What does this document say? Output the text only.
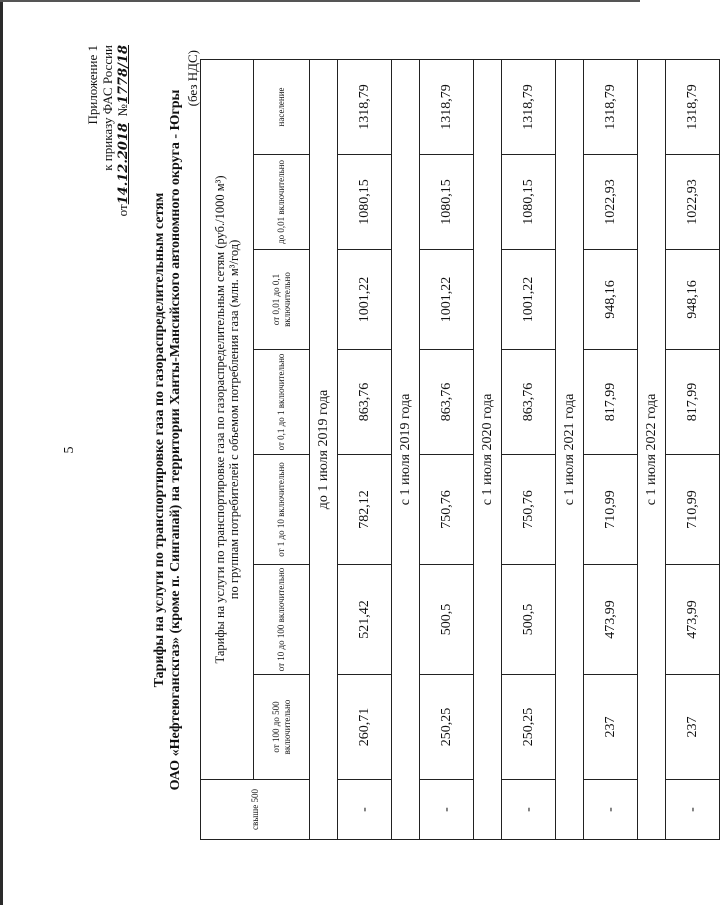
5
Приложение 1 к приказу ФАС России
от14.12.2018  №1778/18
Тарифы на услуги по транспортировке газа по газораспределительным сетям ОАО «Нефтеюганскгаз» (кроме п. Сингапай) на территории Ханты-Мансийского автономного округа - Югры
(без НДС)
свыше 500	Тарифы на услуги по транспортировке газа по газораспределительным сетям (руб./1000 м³) по группам потребителей с объемом потребления газа (млн. м³/год)						

	от 100 до 500 включительно	от 10 до 100 включительно	от 1 до 10 включительно	от 0,1 до 1 включительно	от 0,01 до 0,1 включительно	до 0,01 включительно	население
до 1 июля 2019 года							
-	260,71	521,42	782,12	863,76	1001,22	1080,15	1318,79
с 1 июля 2019 года							
-	250,25	500,5	750,76	863,76	1001,22	1080,15	1318,79
с 1 июля 2020 года							
-	250,25	500,5	750,76	863,76	1001,22	1080,15	1318,79
с 1 июля 2021 года							
-	237	473,99	710,99	817,99	948,16	1022,93	1318,79
с 1 июля 2022 года							
-	237	473,99	710,99	817,99	948,16	1022,93	1318,79
